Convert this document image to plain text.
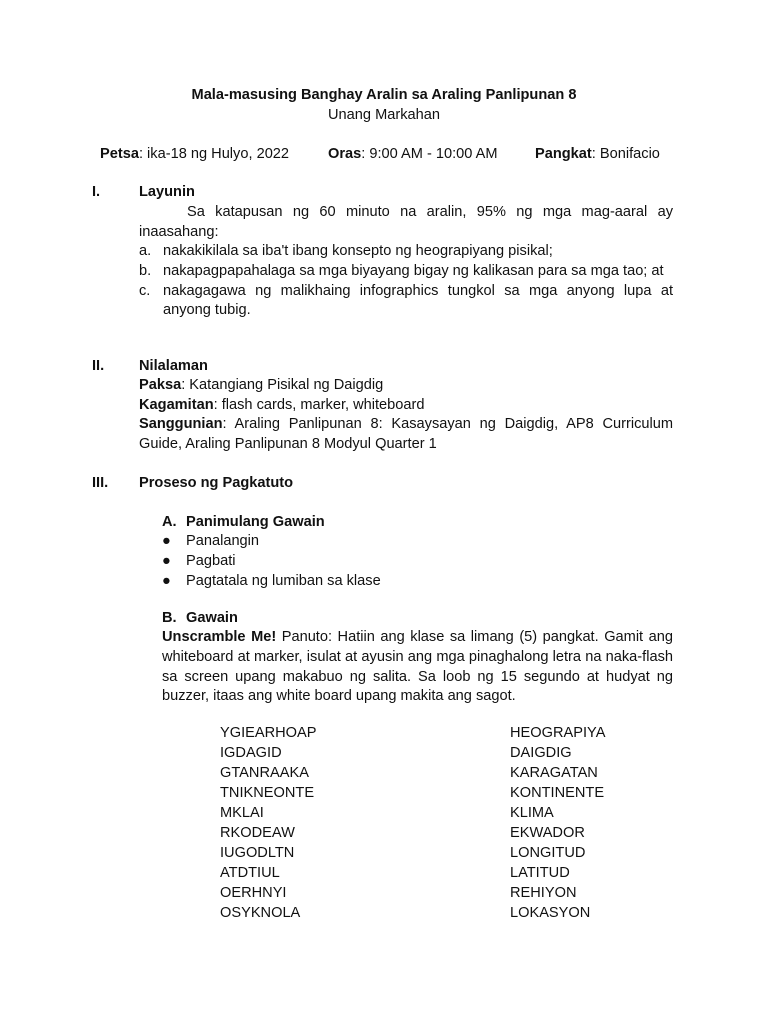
Mala-masusing Banghay Aralin sa Araling Panlipunan 8
Unang Markahan
Petsa: ika-18 ng Hulyo, 2022	Oras: 9:00 AM - 10:00 AM	Pangkat: Bonifacio
I.	Layunin
Sa katapusan ng 60 minuto na aralin, 95% ng mga mag-aaral ay inaasahang:
a. nakakikilala sa iba't ibang konsepto ng heograpiyang pisikal;
b. nakapagpapahalaga sa mga biyayang bigay ng kalikasan para sa mga tao; at
c. nakagagawa ng malikhaing infographics tungkol sa mga anyong lupa at anyong tubig.
II. Nilalaman
Paksa: Katangiang Pisikal ng Daigdig
Kagamitan: flash cards, marker, whiteboard
Sanggunian: Araling Panlipunan 8: Kasaysayan ng Daigdig, AP8 Curriculum Guide, Araling Panlipunan 8 Modyul Quarter 1
III. Proseso ng Pagkatuto
A. Panimulang Gawain
● Panalangin
● Pagbati
● Pagtatala ng lumiban sa klase
B. Gawain
Unscramble Me! Panuto: Hatiin ang klase sa limang (5) pangkat. Gamit ang whiteboard at marker, isulat at ayusin ang mga pinaghalong letra na naka-flash sa screen upang makabuo ng salita. Sa loob ng 15 segundo at hudyat ng buzzer, itaas ang white board upang makita ang sagot.
YGIEARHOAP	HEOGRAPIYA
IGDAGID	DAIGDIG
GTANRAAKA	KARAGATAN
TNIKNEONTE	KONTINENTE
MKLAI	KLIMA
RKODEAW	EKWADOR
IUGODLTN	LONGITUD
ATDTIUL	LATITUD
OERHNYI	REHIYON
OSYKNOLA	LOKASYON
